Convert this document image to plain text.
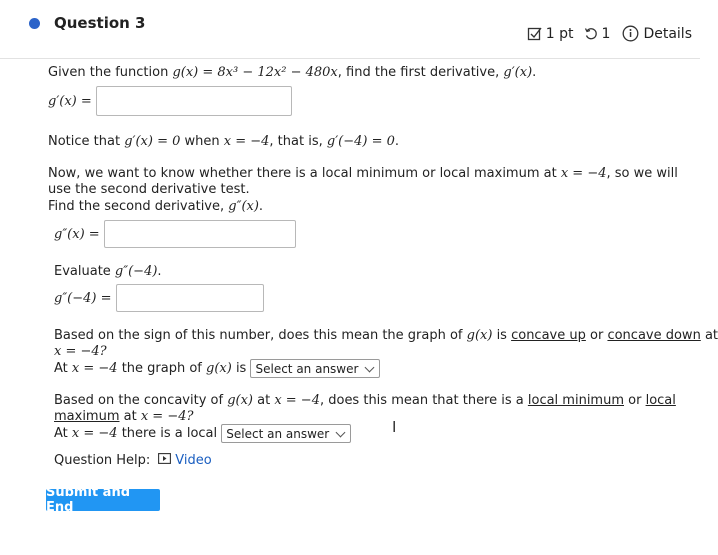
Question 3
1 pt 1 Details
Given the function g(x) = 8x³ − 12x² − 480x, find the first derivative, g′(x).
g′(x) =
Notice that g′(x) = 0 when x = −4, that is, g′(−4) = 0.
Now, we want to know whether there is a local minimum or local maximum at x = −4, so we will
use the second derivative test.
Find the second derivative, g″(x).
g″(x) =
Evaluate g″(−4).
g″(−4) =
Based on the sign of this number, does this mean the graph of g(x) is concave up or concave down at
x = −4?
At x = −4 the graph of g(x) is Select an answer
Based on the concavity of g(x) at x = −4, does this mean that there is a local minimum or local
maximum at x = −4?
At x = −4 there is a local Select an answer	I
Question Help: Video
Submit and End
